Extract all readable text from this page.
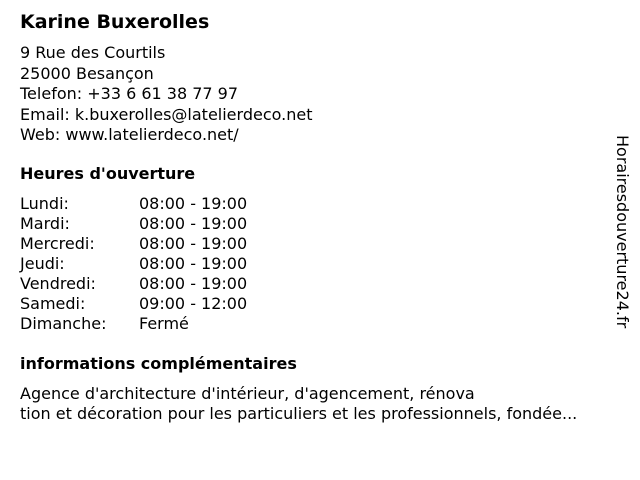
Karine Buxerolles
9 Rue des Courtils
25000 Besançon
Telefon: +33 6 61 38 77 97
Email: k.buxerolles@latelierdeco.net
Web: www.latelierdeco.net/
Heures d'ouverture
Lundi:	08:00 - 19:00
Mardi:	08:00 - 19:00
Mercredi:	08:00 - 19:00
Jeudi:	08:00 - 19:00
Vendredi:	08:00 - 19:00
Samedi:	09:00 - 12:00
Dimanche:	Fermé
informations complémentaires
Agence d'architecture d'intérieur, d'agencement, rénova
tion et décoration pour les particuliers et les professionnels, fondée...
Horairesdouverture24.fr
